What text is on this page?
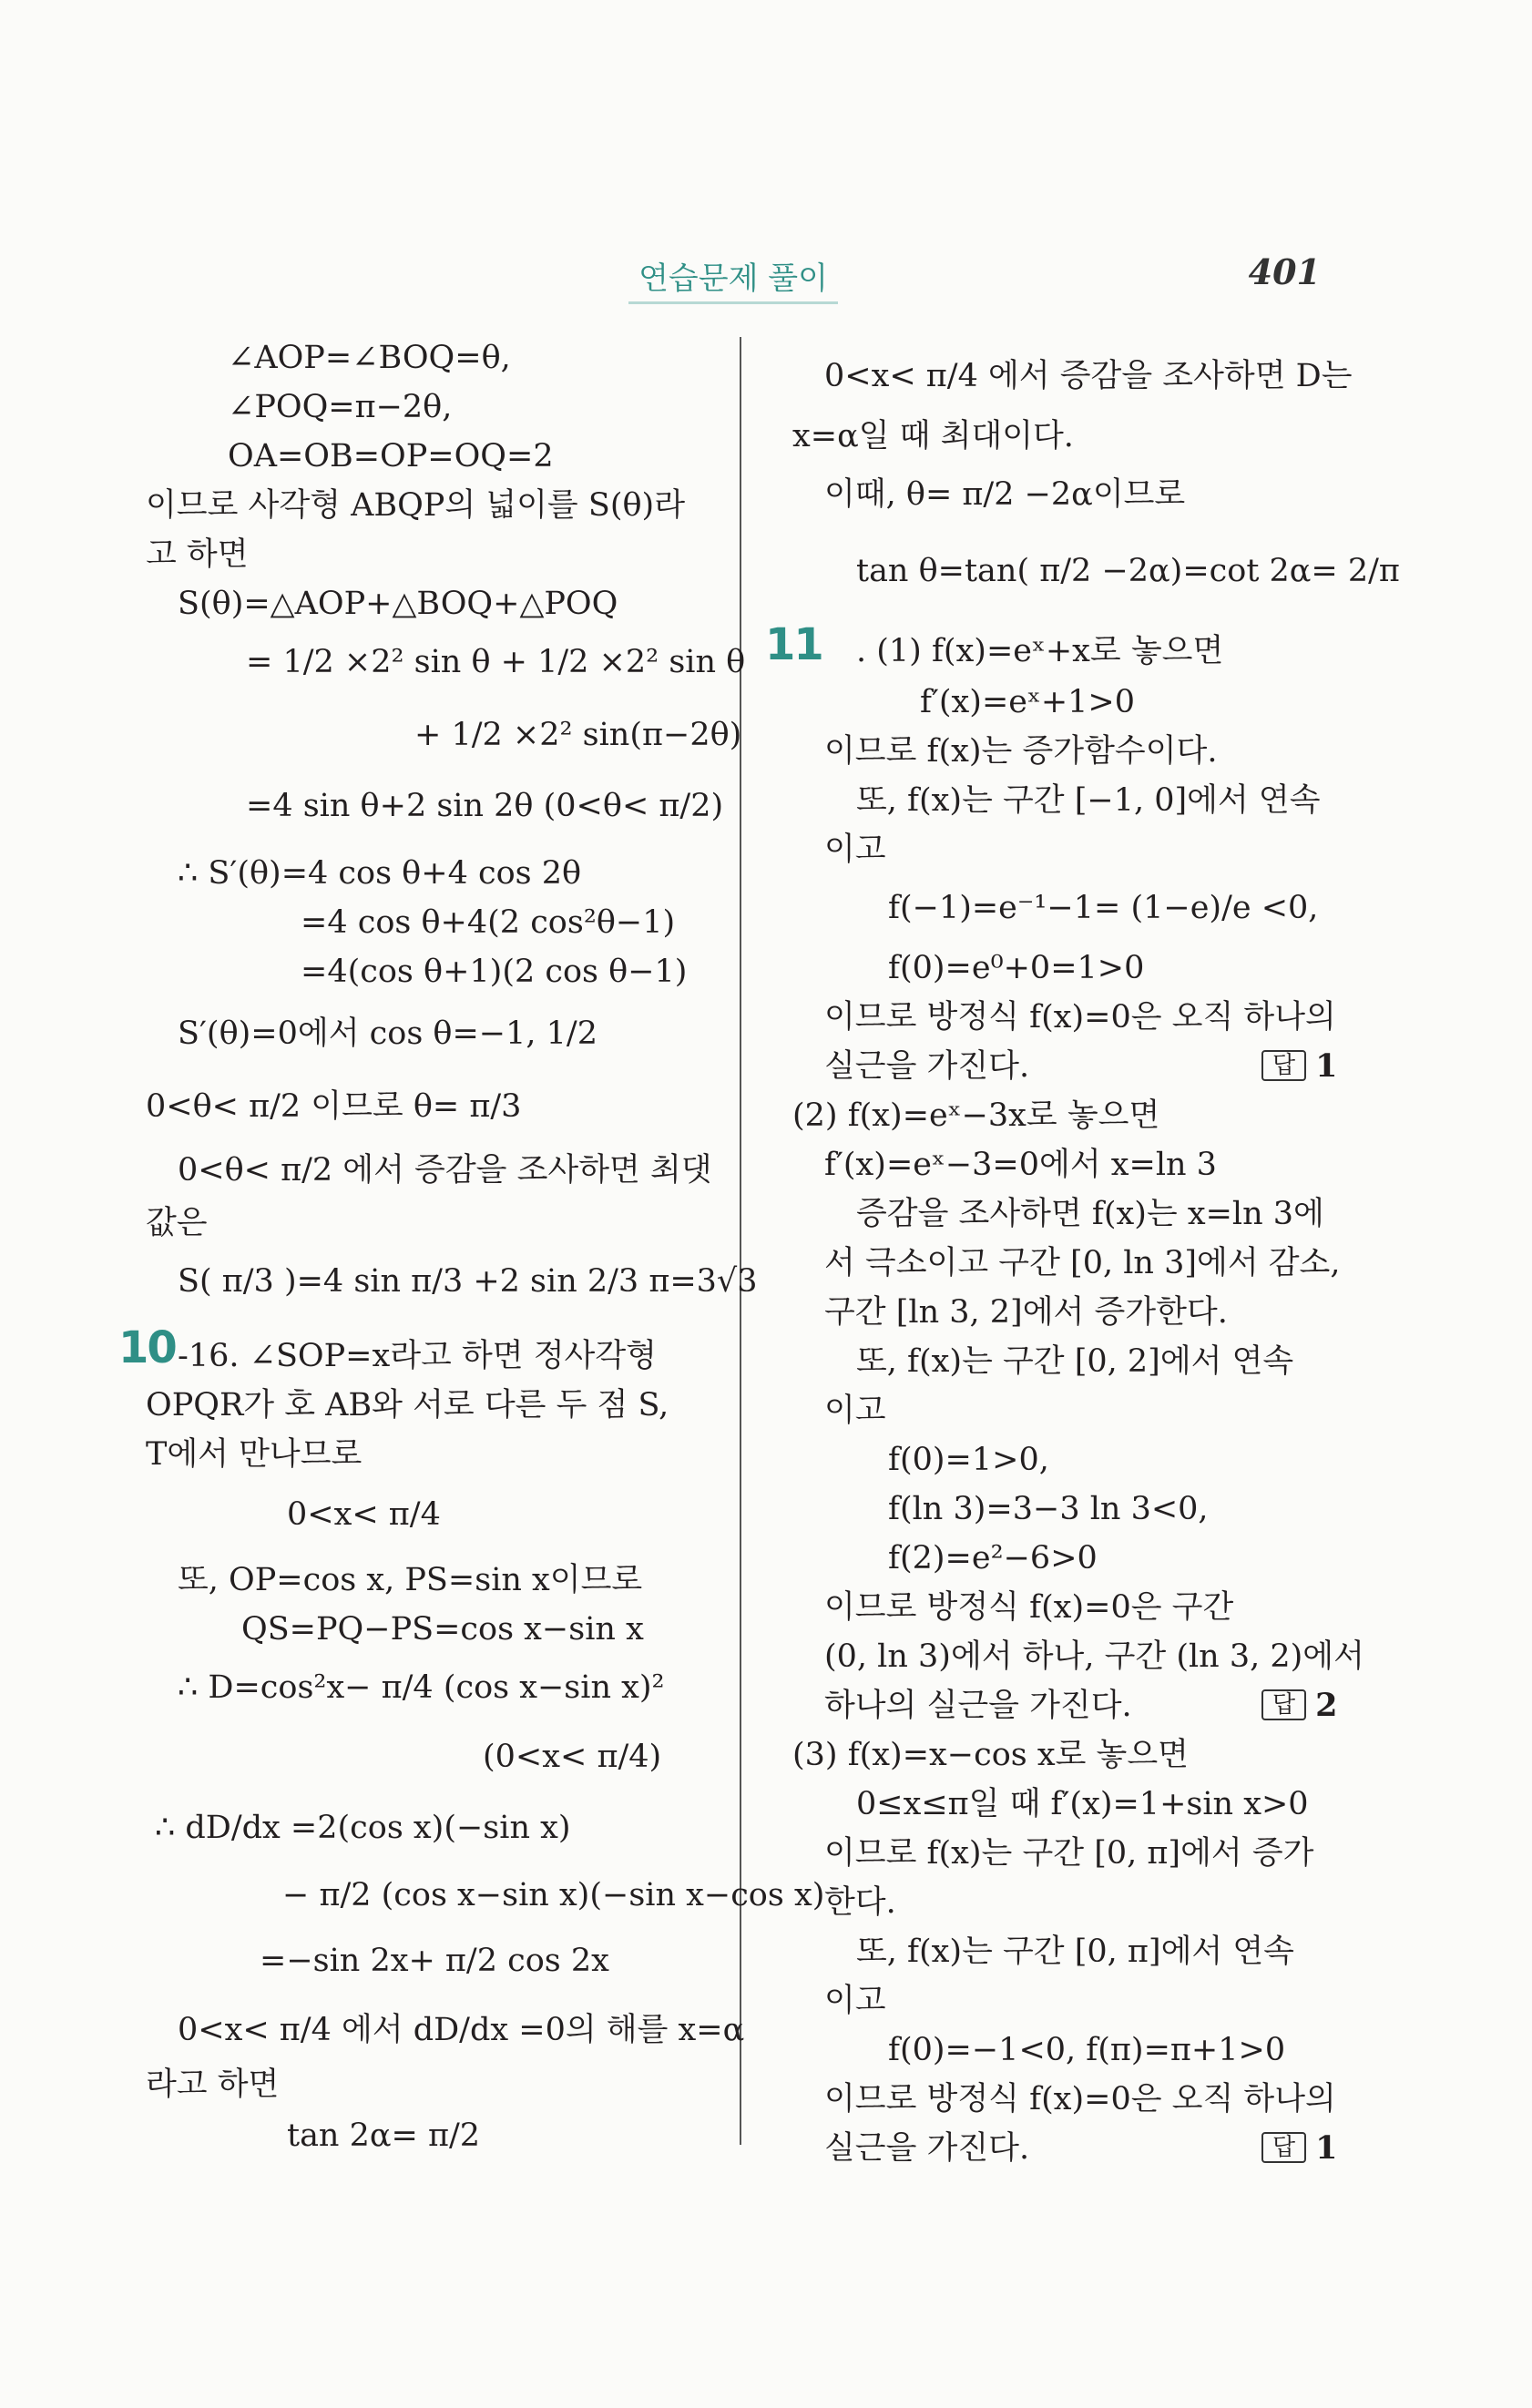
연습문제 풀이	401
∠AOP=∠BOQ=θ,
∠POQ=π−2θ,
OA=OB=OP=OQ=2
이므로 사각형 ABQP의 넓이를 S(θ)라
고 하면
S(θ)=△AOP+△BOQ+△POQ
= 1/2 ×2² sin θ + 1/2 ×2² sin θ
+ 1/2 ×2² sin(π−2θ)
=4 sin θ+2 sin 2θ (0<θ< π/2)
∴ S′(θ)=4 cos θ+4 cos 2θ
=4 cos θ+4(2 cos²θ−1)
=4(cos θ+1)(2 cos θ−1)
S′(θ)=0에서 cos θ=−1, 1/2
0<θ< π/2 이므로 θ= π/3
0<θ< π/2 에서 증감을 조사하면 최댓
값은
S( π/3 )=4 sin π/3 +2 sin 2/3 π=3√3
-16. ∠SOP=x라고 하면 정사각형
OPQR가 호 AB와 서로 다른 두 점 S,
T에서 만나므로
0<x< π/4
또, OP=cos x, PS=sin x이므로
QS=PQ−PS=cos x−sin x
∴ D=cos²x− π/4 (cos x−sin x)²
(0<x< π/4)
∴ dD/dx =2(cos x)(−sin x)
− π/2 (cos x−sin x)(−sin x−cos x)
=−sin 2x+ π/2 cos 2x
0<x< π/4 에서 dD/dx =0의 해를 x=α
라고 하면
tan 2α= π/2
0<x< π/4 에서 증감을 조사하면 D는
x=α일 때 최대이다.
이때, θ= π/2 −2α이므로
tan θ=tan( π/2 −2α)=cot 2α= 2/π
. (1) f(x)=eˣ+x로 놓으면
f′(x)=eˣ+1>0
이므로 f(x)는 증가함수이다.
또, f(x)는 구간 [−1, 0]에서 연속
이고
f(−1)=e⁻¹−1= (1−e)/e <0,
f(0)=e⁰+0=1>0
이므로 방정식 f(x)=0은 오직 하나의
실근을 가진다.
(2) f(x)=eˣ−3x로 놓으면
f′(x)=eˣ−3=0에서 x=ln 3
증감을 조사하면 f(x)는 x=ln 3에
서 극소이고 구간 [0, ln 3]에서 감소,
구간 [ln 3, 2]에서 증가한다.
또, f(x)는 구간 [0, 2]에서 연속
이고
f(0)=1>0,
f(ln 3)=3−3 ln 3<0,
f(2)=e²−6>0
이므로 방정식 f(x)=0은 구간
(0, ln 3)에서 하나, 구간 (ln 3, 2)에서
하나의 실근을 가진다.
(3) f(x)=x−cos x로 놓으면
0≤x≤π일 때 f′(x)=1+sin x>0
이므로 f(x)는 구간 [0, π]에서 증가
한다.
또, f(x)는 구간 [0, π]에서 연속
이고
f(0)=−1<0, f(π)=π+1>0
이므로 방정식 f(x)=0은 오직 하나의
실근을 가진다.
10
11
답 1
답 2
답 1
